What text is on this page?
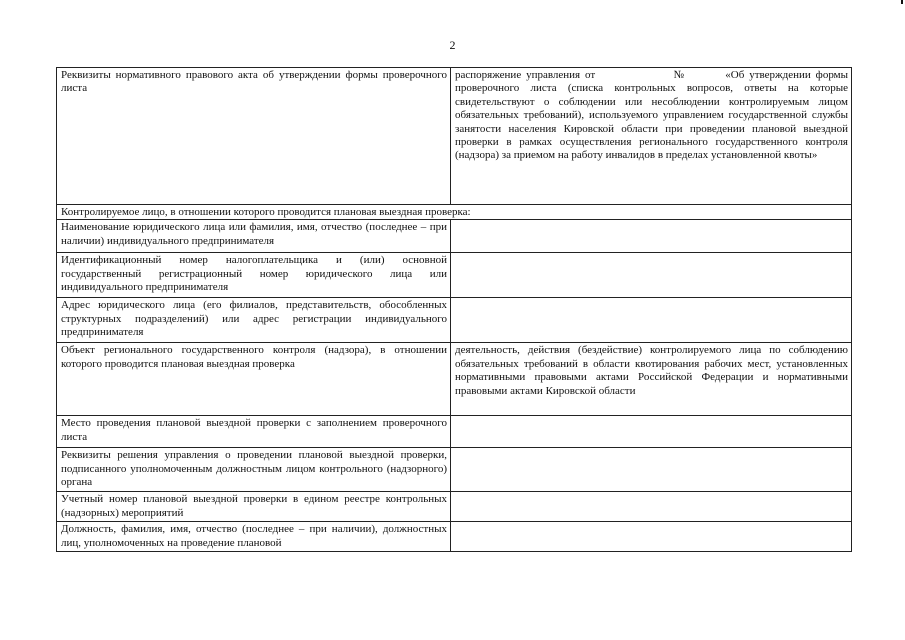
2
Реквизиты нормативного правового акта об утверждении формы проверочного листа	распоряжение управления от                №        «Об утверждении формы проверочного листа (списка контрольных вопросов, ответы на которые свидетельствуют о соблюдении или несоблюдении контролируемым лицом обязательных требований), используемого управлением государственной службы занятости населения Кировской области при проведении плановой выездной проверки в рамках осуществления регионального государственного контроля (надзора) за приемом на работу инвалидов в пределах установленной квоты»
Контролируемое лицо, в отношении которого проводится плановая выездная проверка:	
Наименование юридического лица или фамилия, имя, отчество (последнее – при наличии) индивидуального предпринимателя	
Идентификационный номер налогоплательщика и (или) основной государственный регистрационный номер юридического лица или индивидуального предпринимателя	
Адрес юридического лица (его филиалов, представительств, обособленных структурных подразделений) или адрес регистрации индивидуального предпринимателя	
Объект регионального государственного контроля (надзора), в отношении которого проводится плановая выездная проверка	деятельность, действия (бездействие) контролируемого лица по соблюдению обязательных требований в области квотирования рабочих мест, установленных нормативными правовыми актами Российской Федерации и нормативными правовыми актами Кировской области
Место проведения плановой выездной проверки с заполнением проверочного листа	
Реквизиты решения управления о проведении плановой выездной проверки, подписанного уполномоченным должностным лицом контрольного (надзорного) органа	
Учетный номер плановой выездной проверки в едином реестре контрольных (надзорных) мероприятий	
Должность, фамилия, имя, отчество (последнее – при наличии), должностных лиц, уполномоченных на проведение плановой	
